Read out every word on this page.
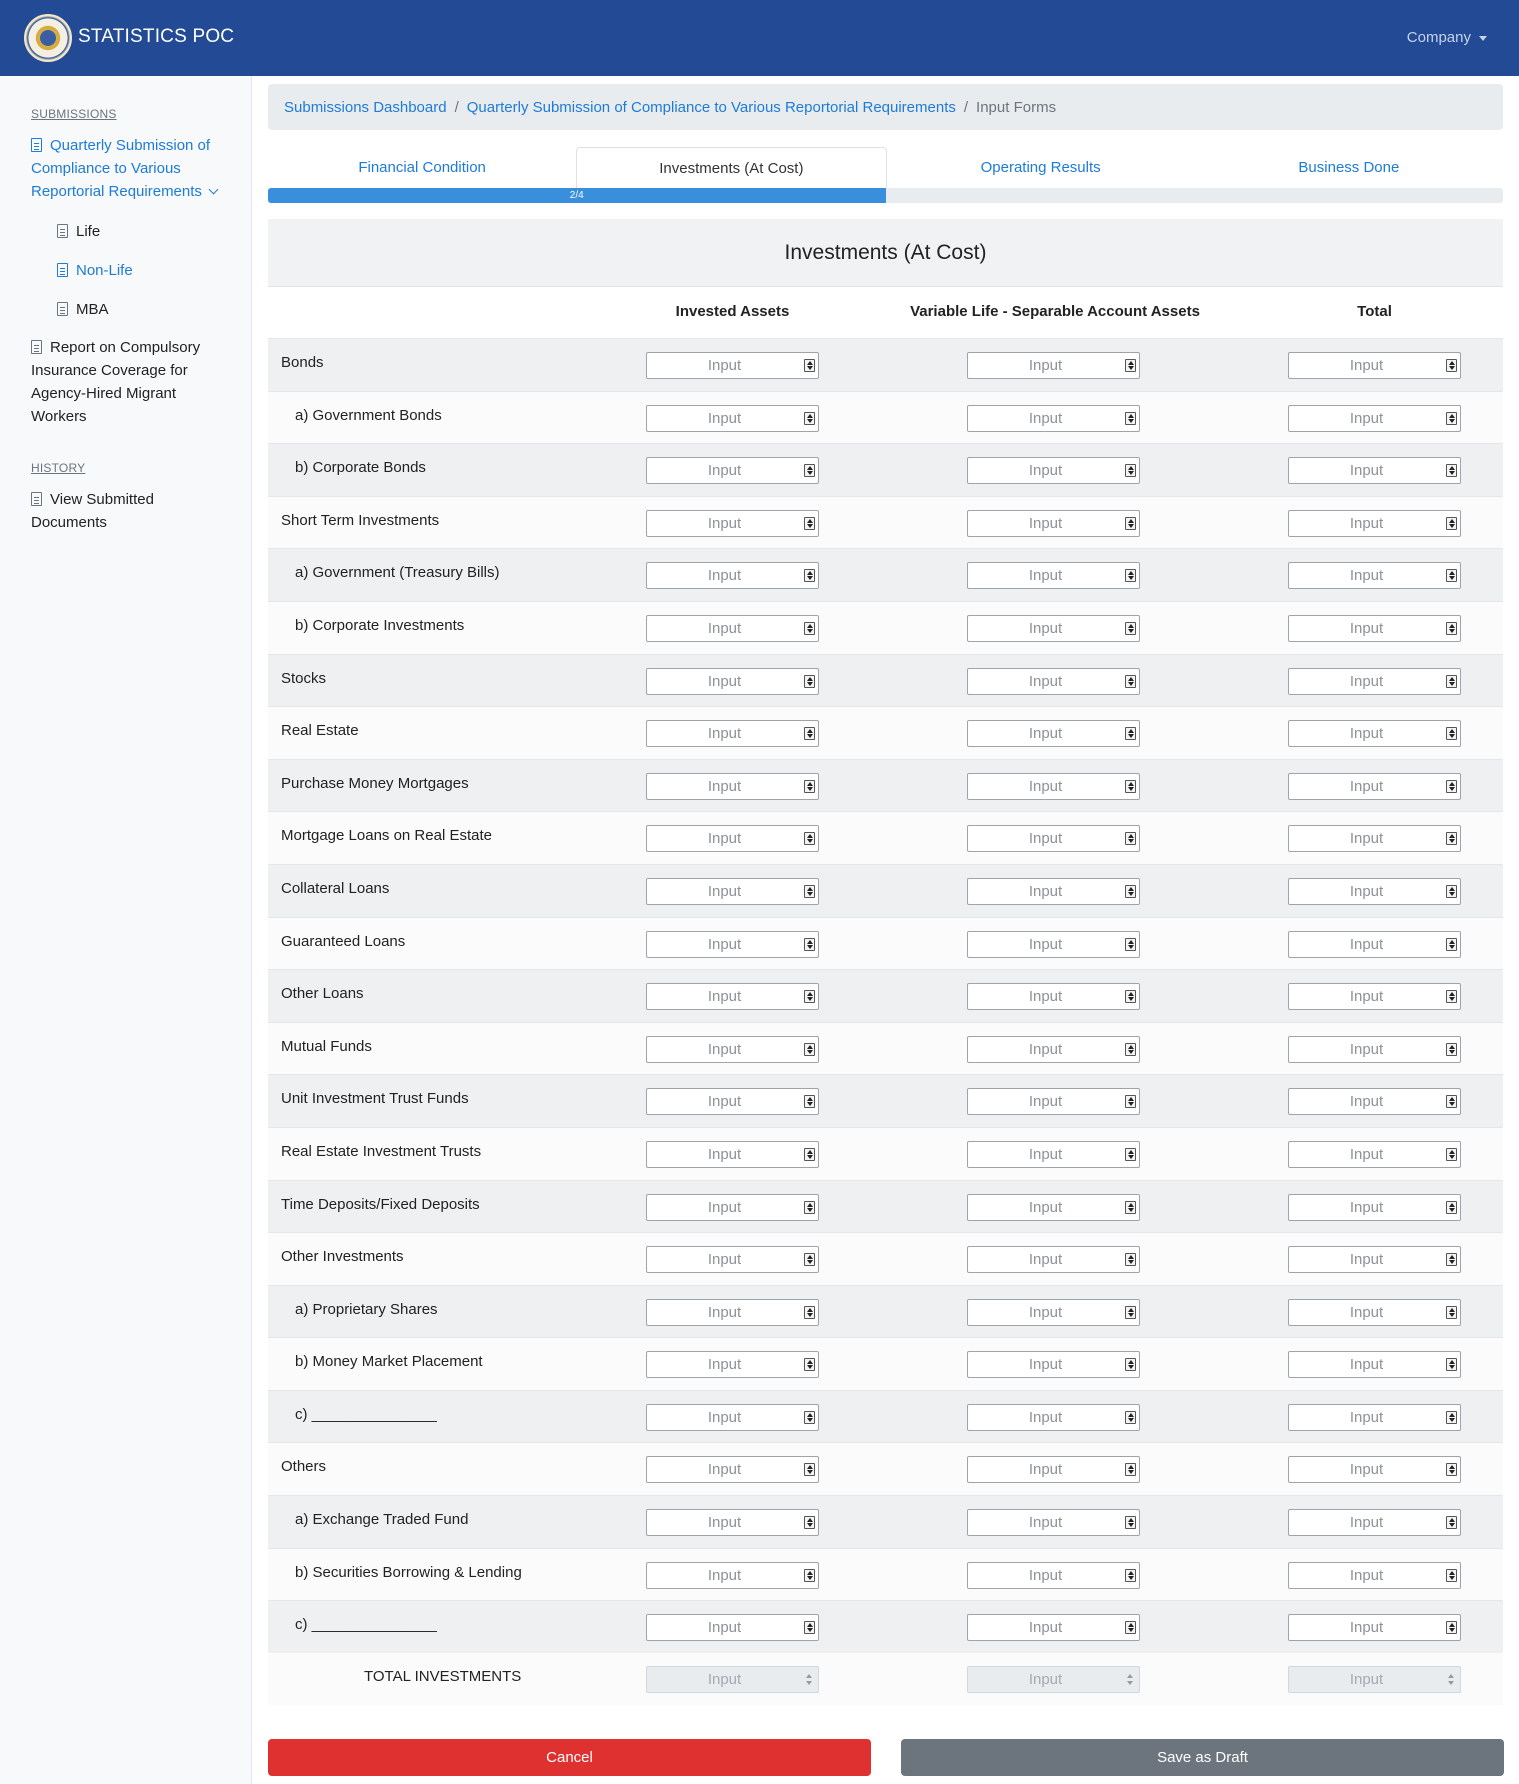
STATISTICS POC	Company
SUBMISSIONS
Quarterly Submission of Compliance to Various Reportorial Requirements
Life
Non-Life
MBA
Report on Compulsory Insurance Coverage for Agency-Hired Migrant Workers
HISTORY
View Submitted Documents
Submissions Dashboard / Quarterly Submission of Compliance to Various Reportorial Requirements / Input Forms
Financial Condition	Investments (At Cost)	Operating Results	Business Done
2/4
Investments (At Cost)
Invested Assets	Variable Life - Separable Account Assets	Total
Bonds	Input	Input	Input
a) Government Bonds	Input	Input	Input
b) Corporate Bonds	Input	Input	Input
Short Term Investments	Input	Input	Input
a) Government (Treasury Bills)	Input	Input	Input
b) Corporate Investments	Input	Input	Input
Stocks	Input	Input	Input
Real Estate	Input	Input	Input
Purchase Money Mortgages	Input	Input	Input
Mortgage Loans on Real Estate	Input	Input	Input
Collateral Loans	Input	Input	Input
Guaranteed Loans	Input	Input	Input
Other Loans	Input	Input	Input
Mutual Funds	Input	Input	Input
Unit Investment Trust Funds	Input	Input	Input
Real Estate Investment Trusts	Input	Input	Input
Time Deposits/Fixed Deposits	Input	Input	Input
Other Investments	Input	Input	Input
a) Proprietary Shares	Input	Input	Input
b) Money Market Placement	Input	Input	Input
c) _______________	Input	Input	Input
Others	Input	Input	Input
a) Exchange Traded Fund	Input	Input	Input
b) Securities Borrowing & Lending	Input	Input	Input
c) _______________	Input	Input	Input
TOTAL INVESTMENTS	Input	Input	Input
Cancel	Save as Draft
